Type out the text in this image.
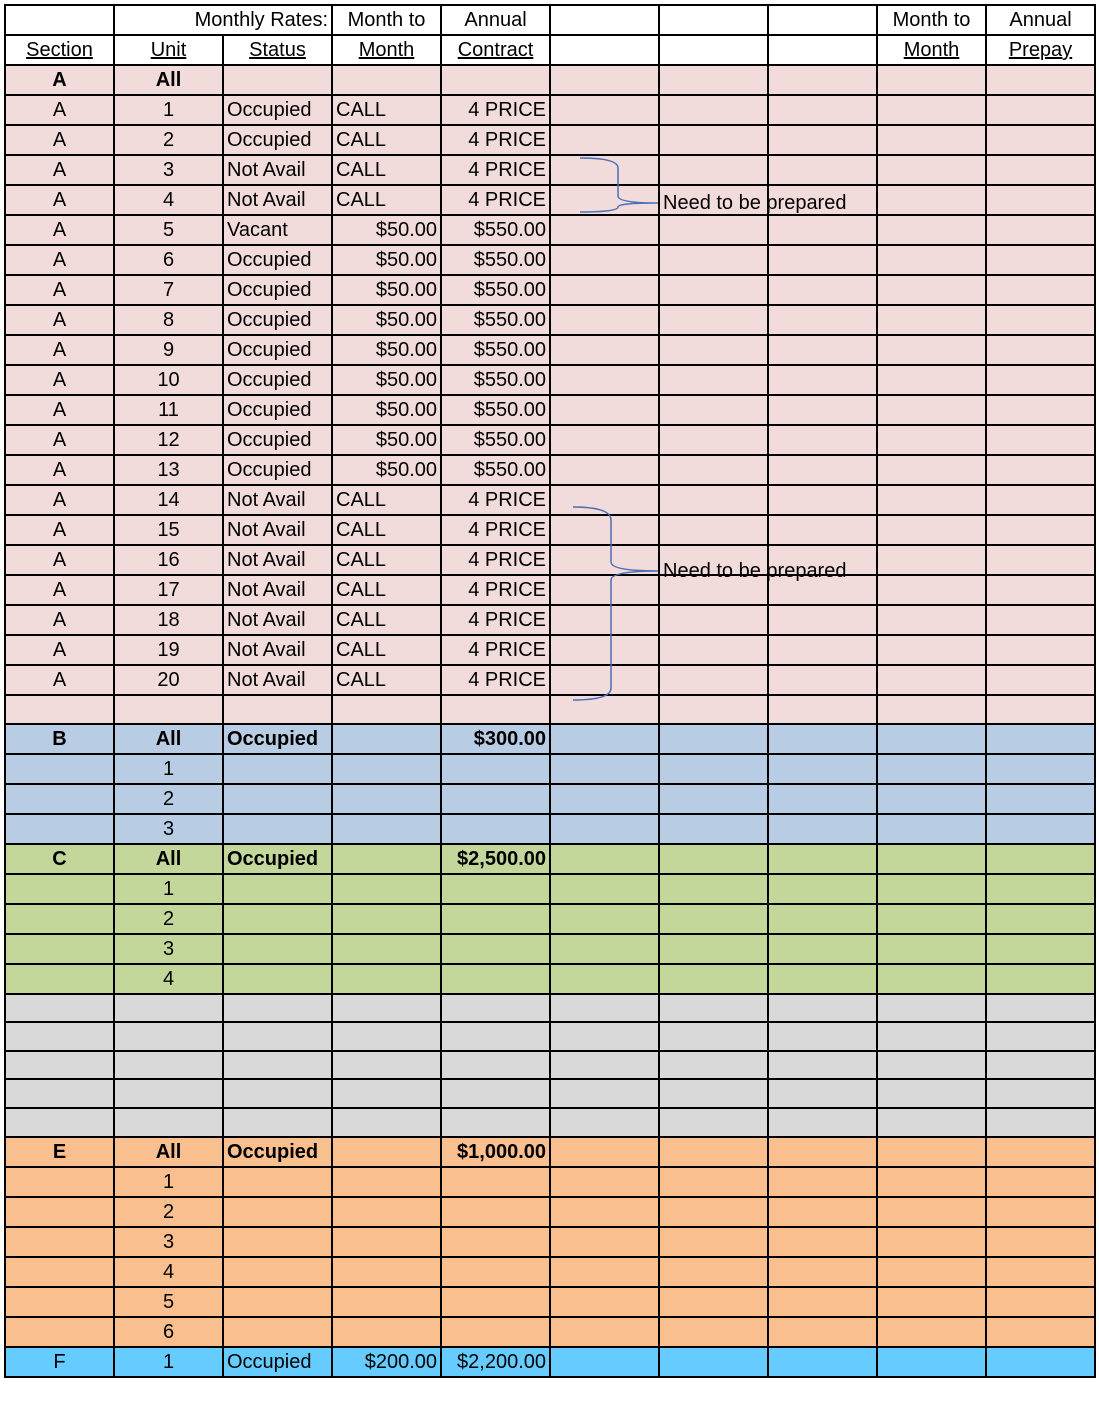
	Monthly Rates:		Month to	Annual				Month to	Annual
Section	Unit	Status	Month	Contract				Month	Prepay
A	All								
A	1	Occupied	CALL	4 PRICE					
A	2	Occupied	CALL	4 PRICE					
A	3	Not Avail	CALL	4 PRICE					
A	4	Not Avail	CALL	4 PRICE					
A	5	Vacant	$50.00	$550.00					
A	6	Occupied	$50.00	$550.00					
A	7	Occupied	$50.00	$550.00					
A	8	Occupied	$50.00	$550.00					
A	9	Occupied	$50.00	$550.00					
A	10	Occupied	$50.00	$550.00					
A	11	Occupied	$50.00	$550.00					
A	12	Occupied	$50.00	$550.00					
A	13	Occupied	$50.00	$550.00					
A	14	Not Avail	CALL	4 PRICE					
A	15	Not Avail	CALL	4 PRICE					
A	16	Not Avail	CALL	4 PRICE					
A	17	Not Avail	CALL	4 PRICE					
A	18	Not Avail	CALL	4 PRICE					
A	19	Not Avail	CALL	4 PRICE					
A	20	Not Avail	CALL	4 PRICE					

B	All	Occupied		$300.00					
	1								
	2								
	3								
C	All	Occupied		$2,500.00					
	1								
	2								
	3								
	4								

E	All	Occupied		$1,000.00					
	1								
	2								
	3								
	4								
	5								
	6								
F	1	Occupied	$200.00	$2,200.00					
Need to be prepared
Need to be prepared
